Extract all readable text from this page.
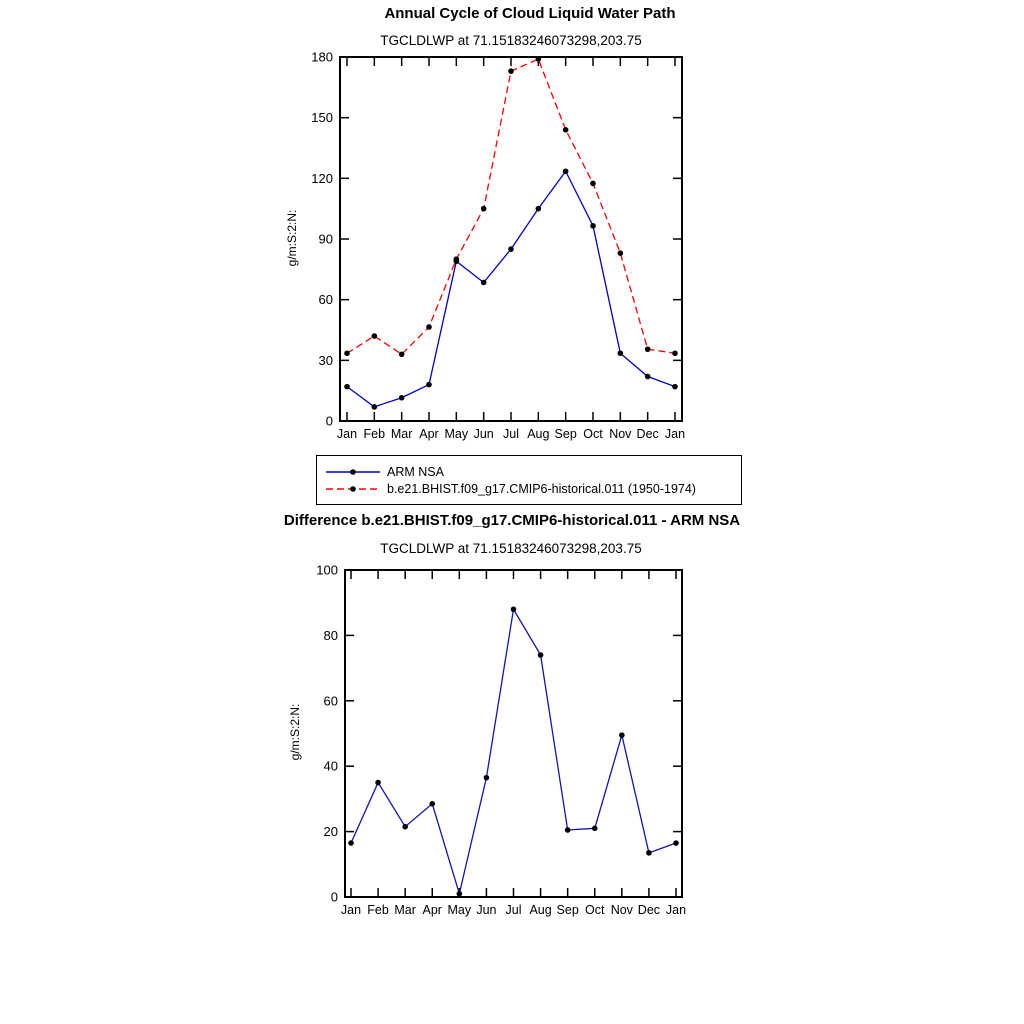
Annual Cycle of Cloud Liquid Water Path
TGCLDLWP at 71.15183246073298,203.75
g/m:S:2:N:
0
30
60
90
120
150
180
Jan Feb Mar Apr May Jun Jul Aug Sep Oct Nov Dec Jan
ARM NSA
b.e21.BHIST.f09_g17.CMIP6-historical.011 (1950-1974)
Difference b.e21.BHIST.f09_g17.CMIP6-historical.011 - ARM NSA
TGCLDLWP at 71.15183246073298,203.75
g/m:S:2:N:
0
20
40
60
80
100
Jan Feb Mar Apr May Jun Jul Aug Sep Oct Nov Dec Jan
